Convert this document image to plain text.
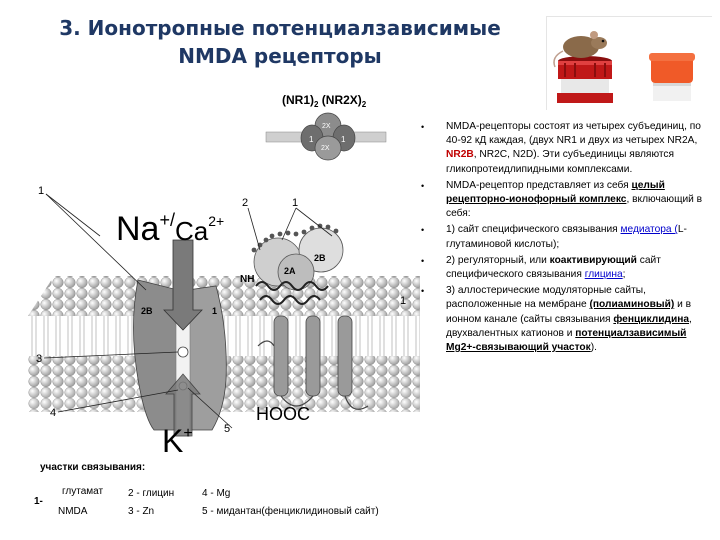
3. Ионотропные потенциалзависимые
NMDA рецепторы
$(NR1)_2$ $(NR2X)_2$
2X
1	1
2X
2A
2B
2B	1
NH
$Na^{+/}_{Ca}^{2+}$
K+
HOOC
1
2	1
1
3
4
5
участки связывания:
глутамат
1-
NMDA
2 - глицин
3 - Zn
4 - Mg
5 - мидантан(фенциклидиновый сайт)
• NMDA-рецепторы состоят из четырех субъединиц, по 40-92 кД каждая, (двух NR1 и двух из четырех NR2A, NR2B, NR2C, N2D). Эти субъединицы являются гликопротеидлипидными комплексами.
• NMDA-рецептор представляет из себя целый рецепторно-ионофорный комплекс, включающий в себя:
• 1) сайт специфического связывания медиатора (L-глутаминовой кислоты);
• 2) регуляторный, или коактивирующий сайт специфического связывания глицина;
• 3) аллостерические модуляторные сайты, расположенные на мембране (полиаминовый) и в ионном канале (сайты связывания фенциклидина, двухвалентных катионов и потенциалзависимый Mg2+-связывающий участок).
